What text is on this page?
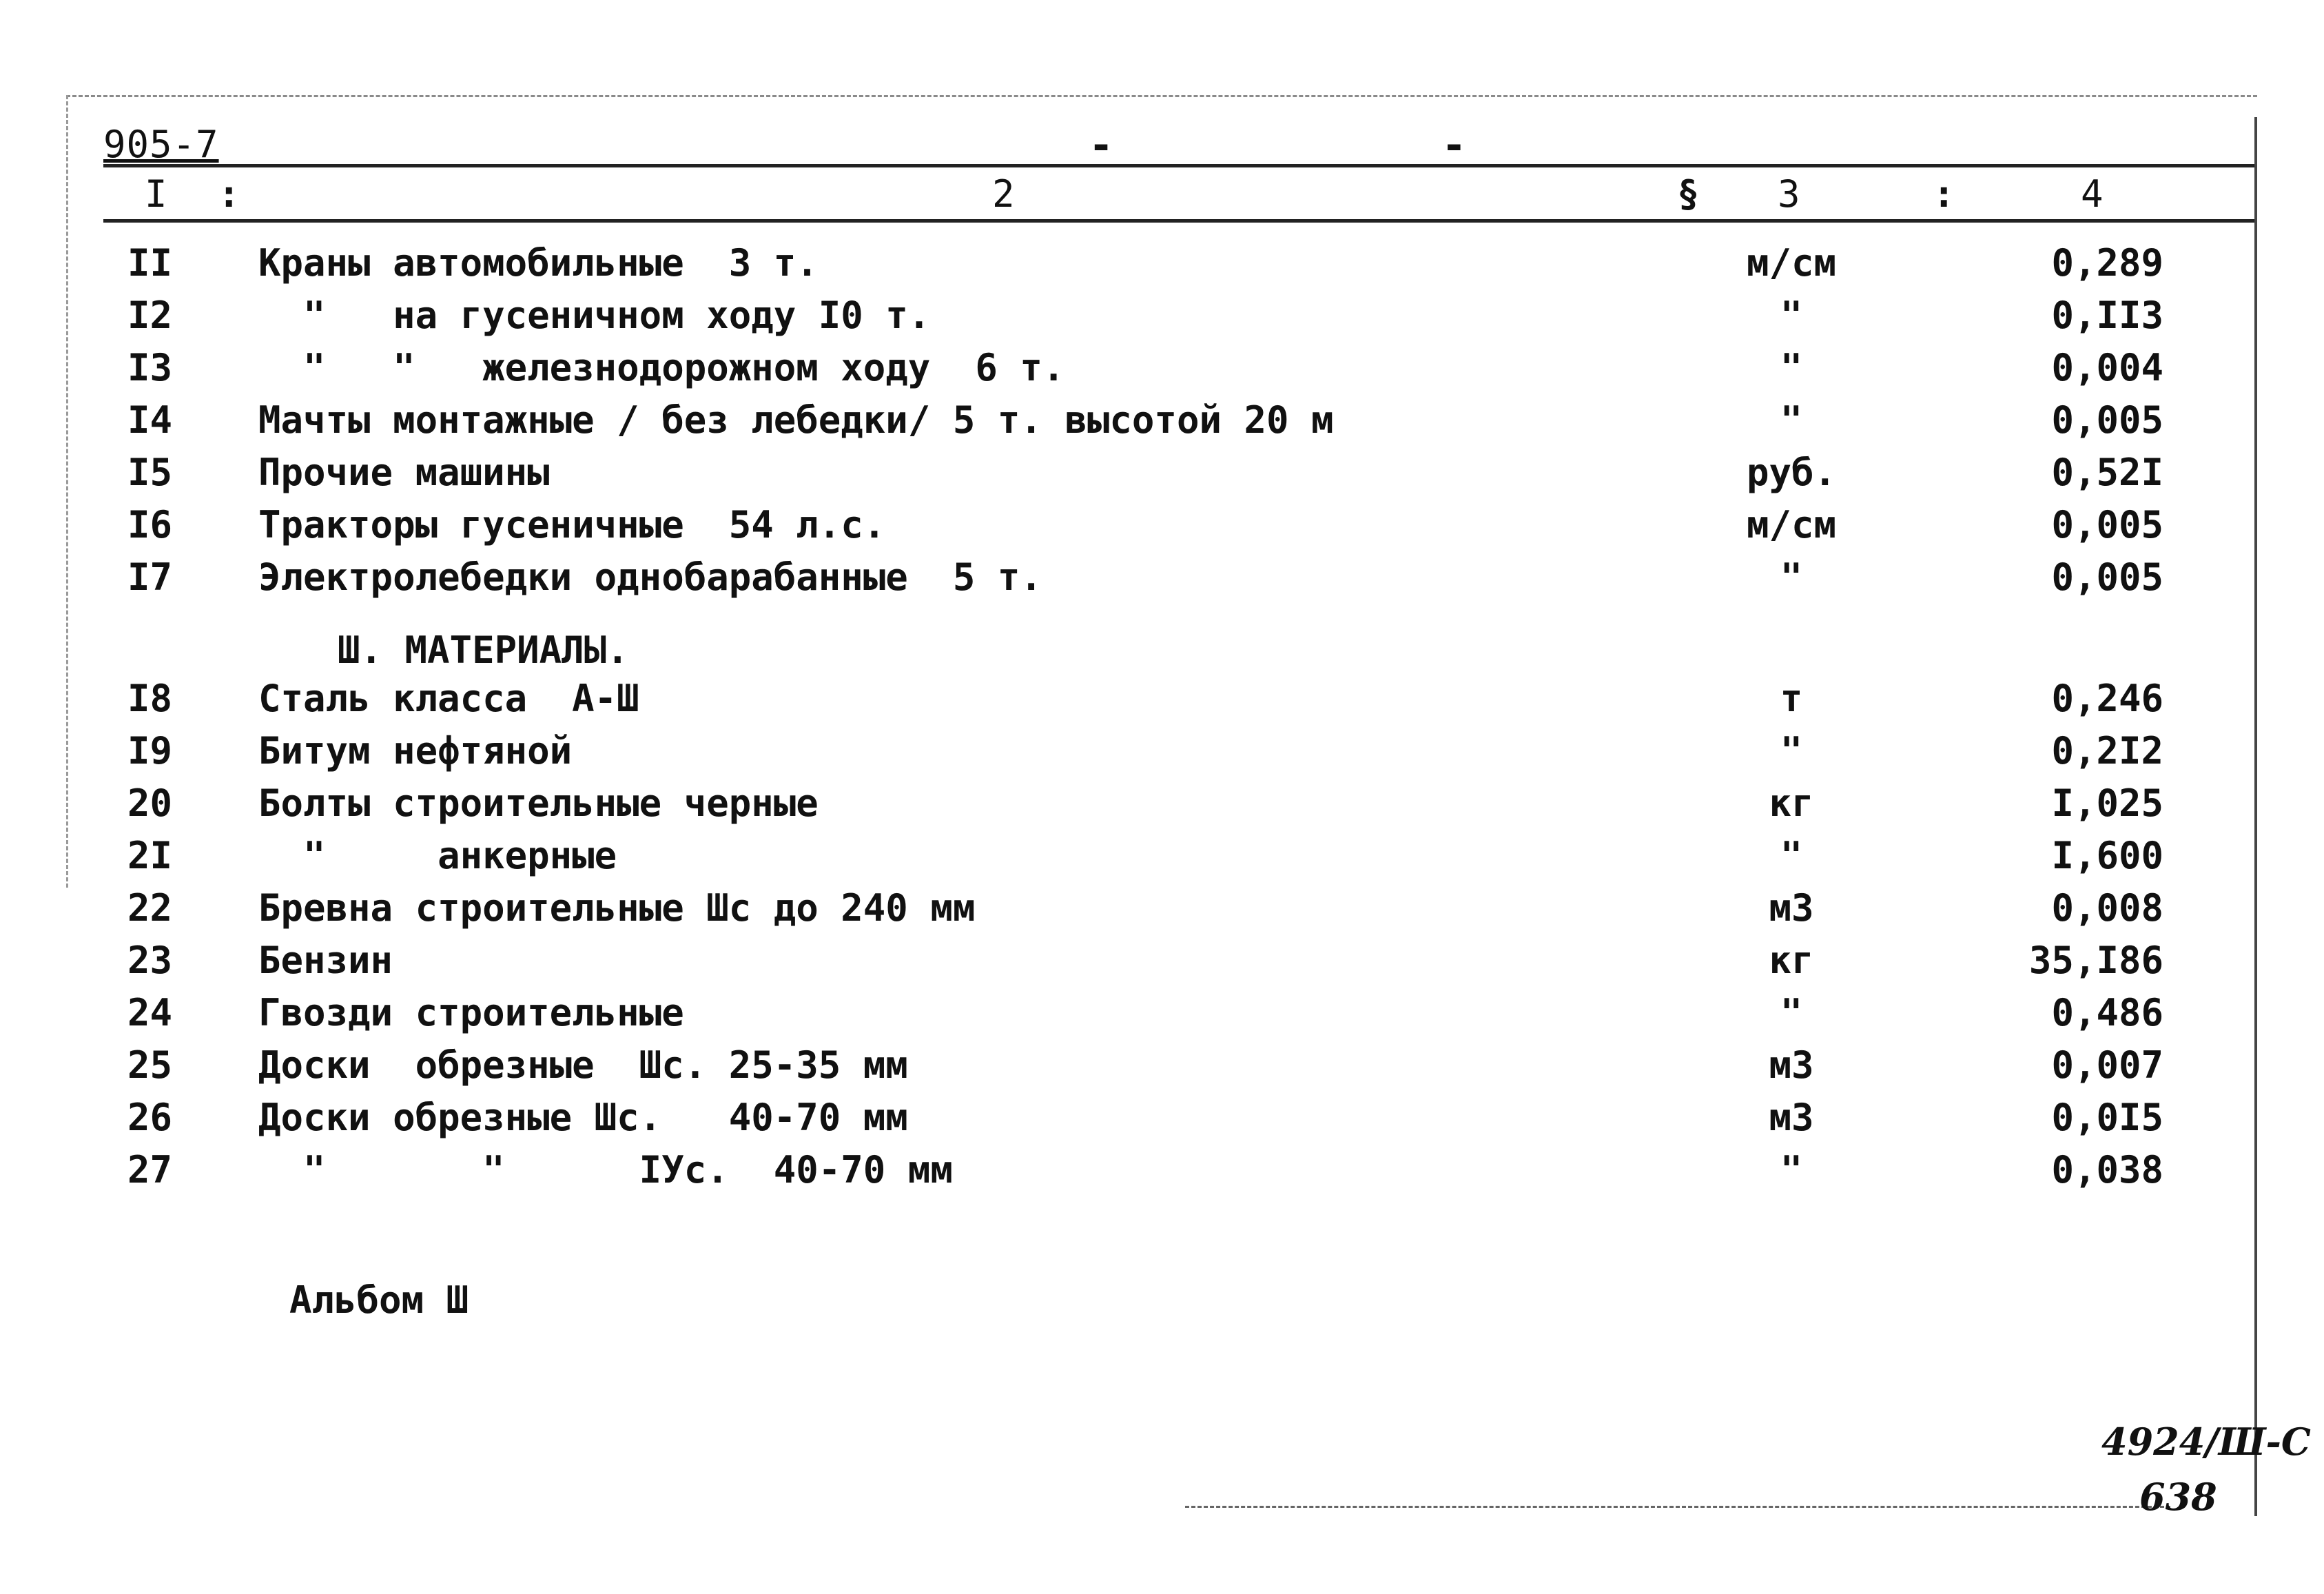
905-7	- -
I :	2	§ 3	:	4
II Краны автомобильные  3 т.	м/см	0,289
I2 "   на гусеничном ходу I0 т.	"	0,II3
I3 "   "   железнодорожном ходу  6 т.	"	0,004
I4 Мачты монтажные / без лебедки/ 5 т. высотой 20 м	"	0,005
I5 Прочие машины	руб.	0,52I
I6 Тракторы гусеничные  54 л.с.	м/см	0,005
I7 Электролебедки однобарабанные  5 т.	"	0,005
I8 Сталь класса  А-Ш	т	0,246
I9 Битум нефтяной	"	0,2I2
20 Болты строительные черные	кг	I,025
2I "     анкерные	"	I,600
22 Бревна строительные Шс до 240 мм	м3	0,008
23 Бензин	кг	35,I86
24 Гвозди строительные	"	0,486
25 Доски  обрезные  Шс. 25-35 мм	м3	0,007
26 Доски обрезные Шс.   40-70 мм	м3	0,0I5
27 "       "      IУс.  40-70 мм	"	0,038
Ш. МАТЕРИАЛЫ.
Альбом Ш
4924/Ш-С
638
